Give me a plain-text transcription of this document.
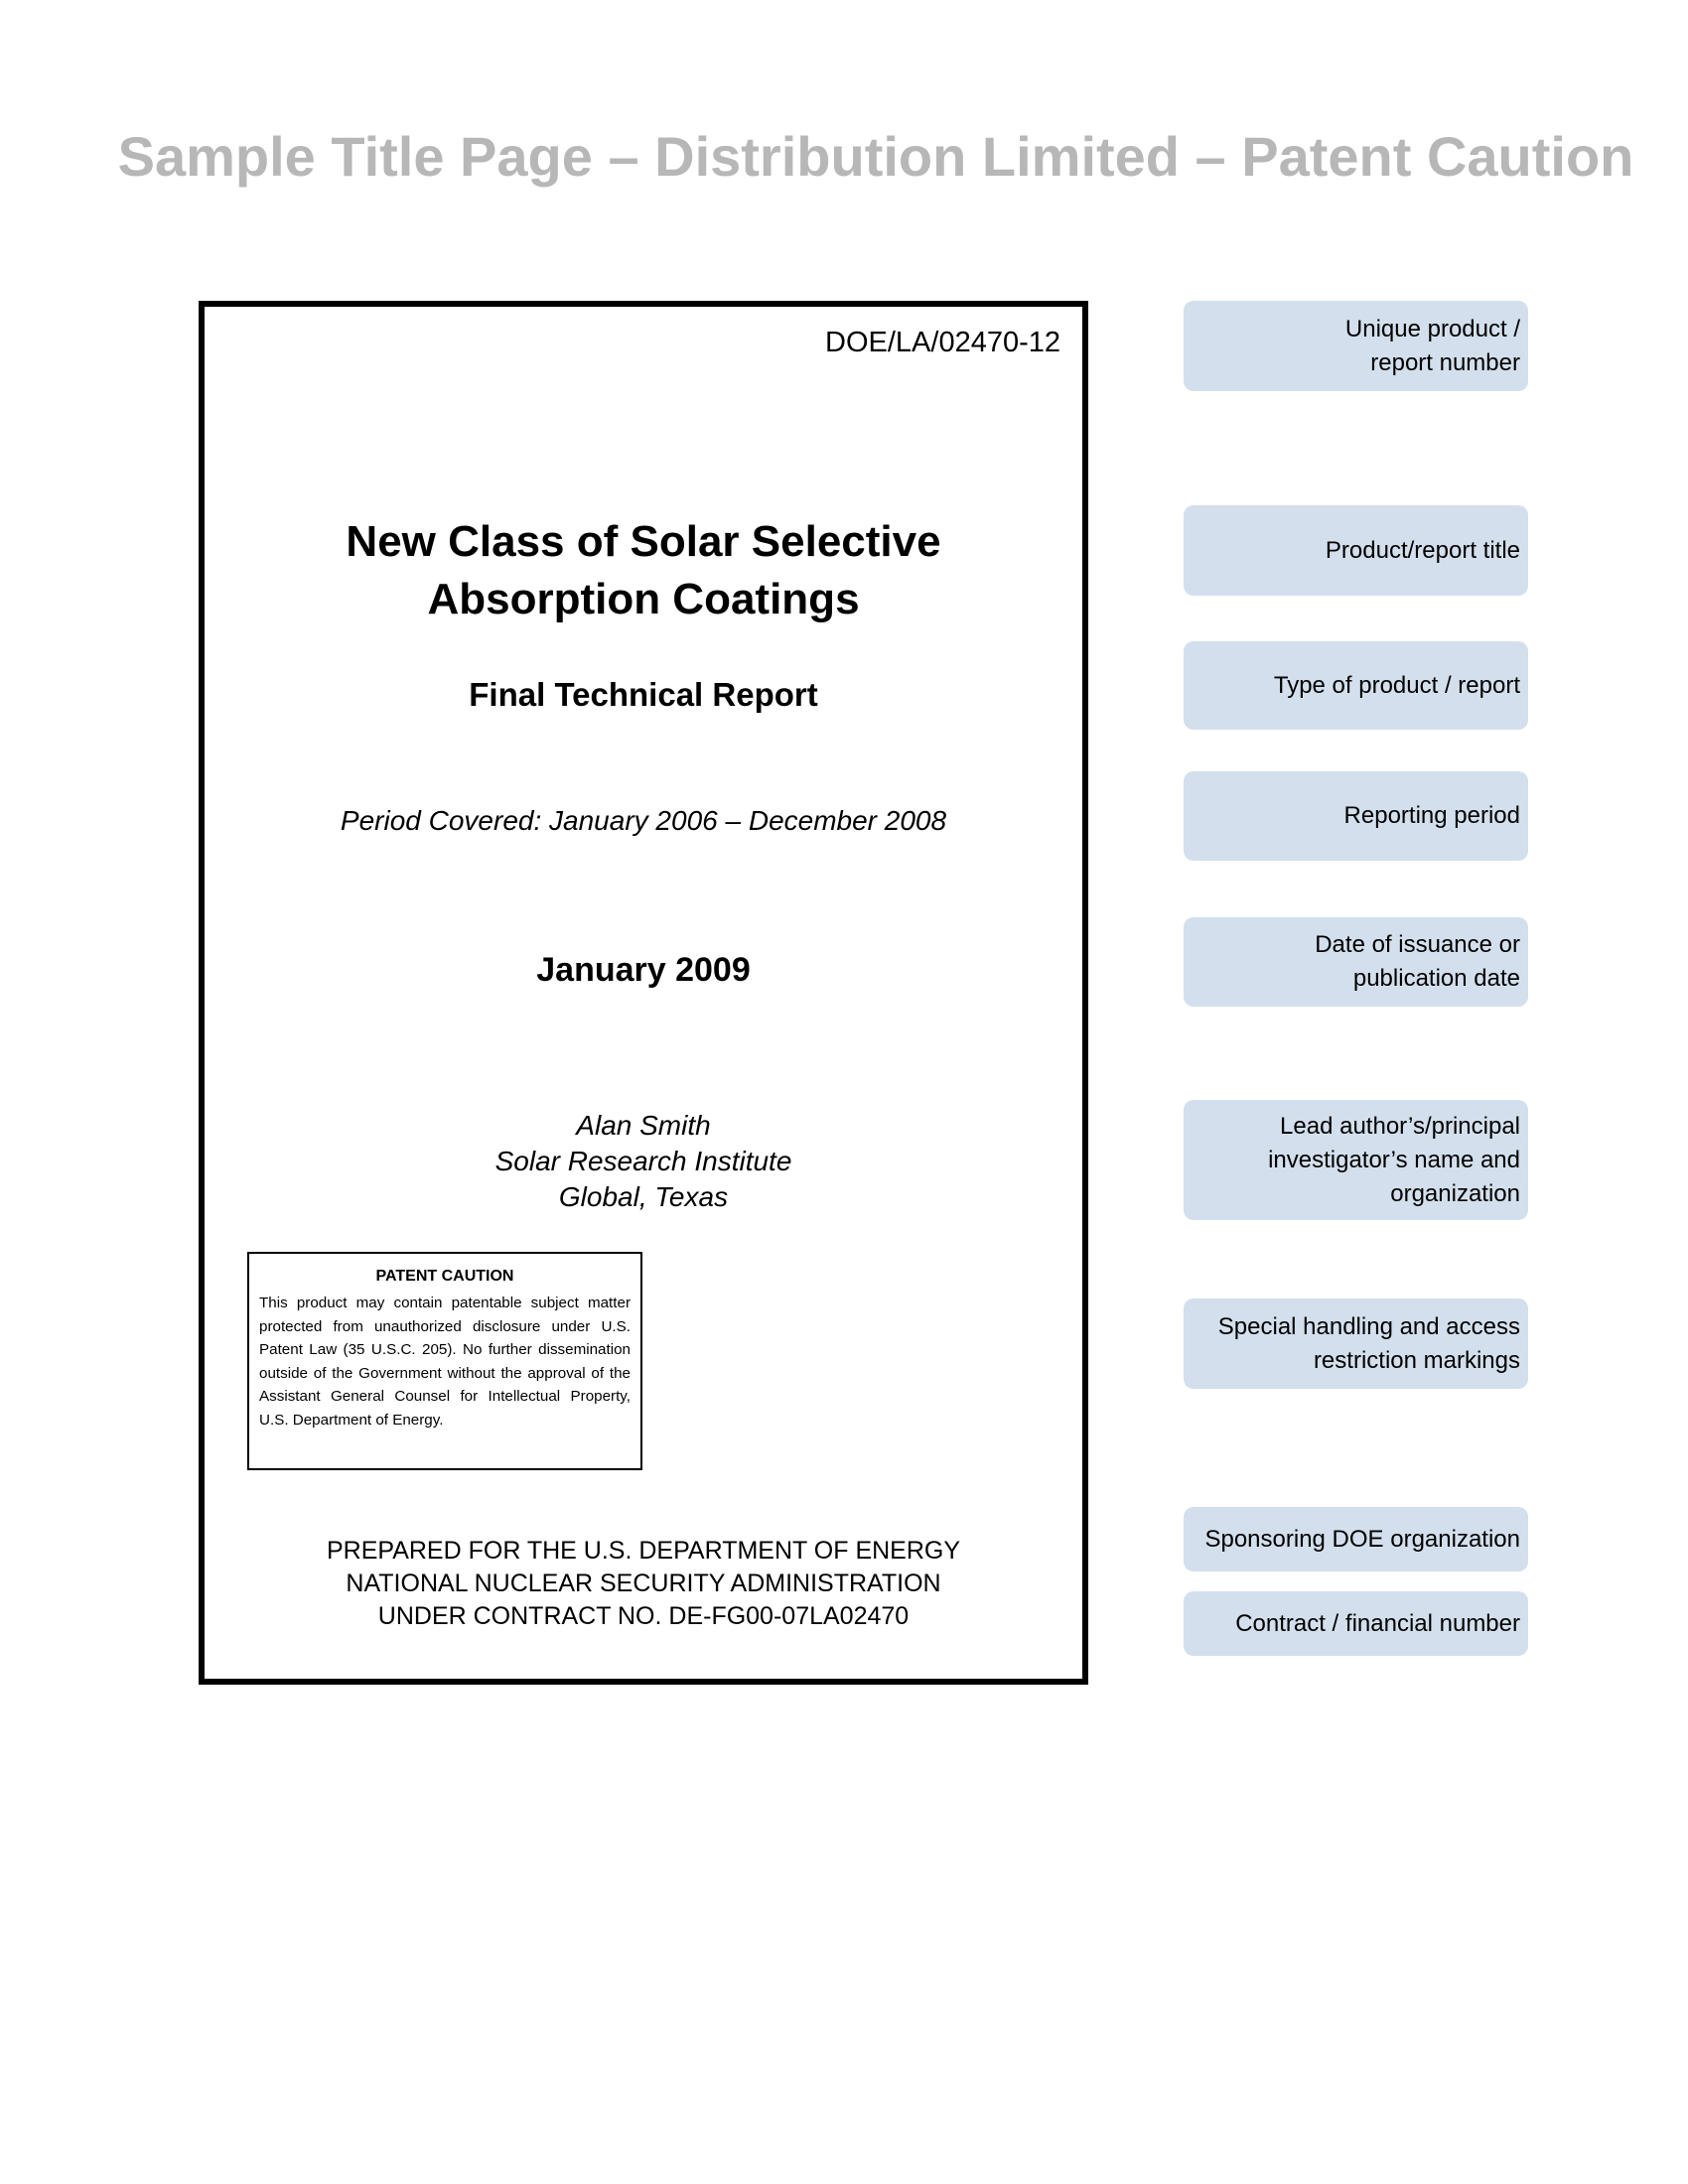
Sample Title Page – Distribution Limited – Patent Caution
DOE/LA/02470-12
New Class of Solar Selective
Absorption Coatings
Final Technical Report
Period Covered: January 2006 – December 2008
January 2009
Alan Smith
Solar Research Institute
Global, Texas
PATENT CAUTION
This product may contain patentable subject matter protected from unauthorized disclosure under U.S. Patent Law (35 U.S.C. 205). No further dissemination outside of the Government without the approval of the Assistant General Counsel for Intellectual Property, U.S. Department of Energy.
PREPARED FOR THE U.S. DEPARTMENT OF ENERGY
NATIONAL NUCLEAR SECURITY ADMINISTRATION
UNDER CONTRACT NO. DE-FG00-07LA02470
Unique product /
report number
Product/report title
Type of product / report
Reporting period
Date of issuance or
publication date
Lead author’s/principal
investigator’s name and
organization
Special handling and access
restriction markings
Sponsoring DOE organization
Contract / financial number
